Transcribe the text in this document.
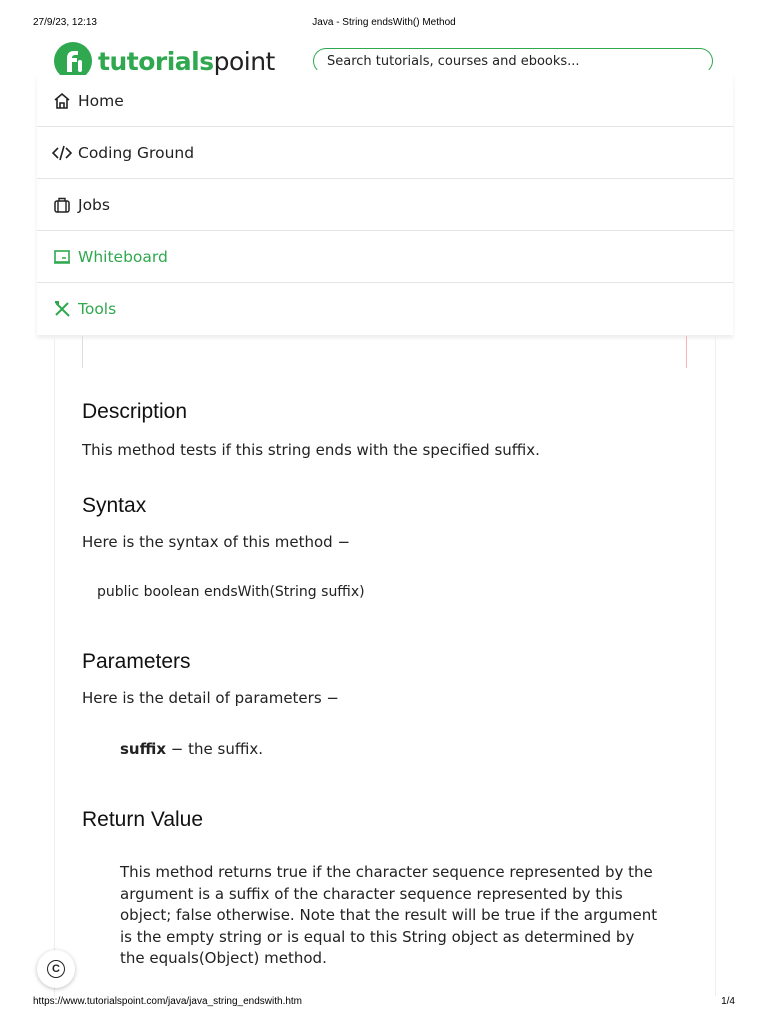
27/9/23, 12:13	Java - String endsWith() Method
tutorialspoint	Search tutorials, courses and ebooks...
Home
Coding Ground
Jobs
Whiteboard
Tools
Description

This method tests if this string ends with the specified suffix.

Syntax

Here is the syntax of this method −

public boolean endsWith(String suffix)
Parameters

Here is the detail of parameters −

suffix − the suffix.
Return Value
This method returns true if the character sequence represented by the argument is a suffix of the character sequence represented by this object; false otherwise. Note that the result will be true if the argument is the empty string or is equal to this String object as determined by the equals(Object) method.
C
https://www.tutorialspoint.com/java/java_string_endswith.htm	1/4
